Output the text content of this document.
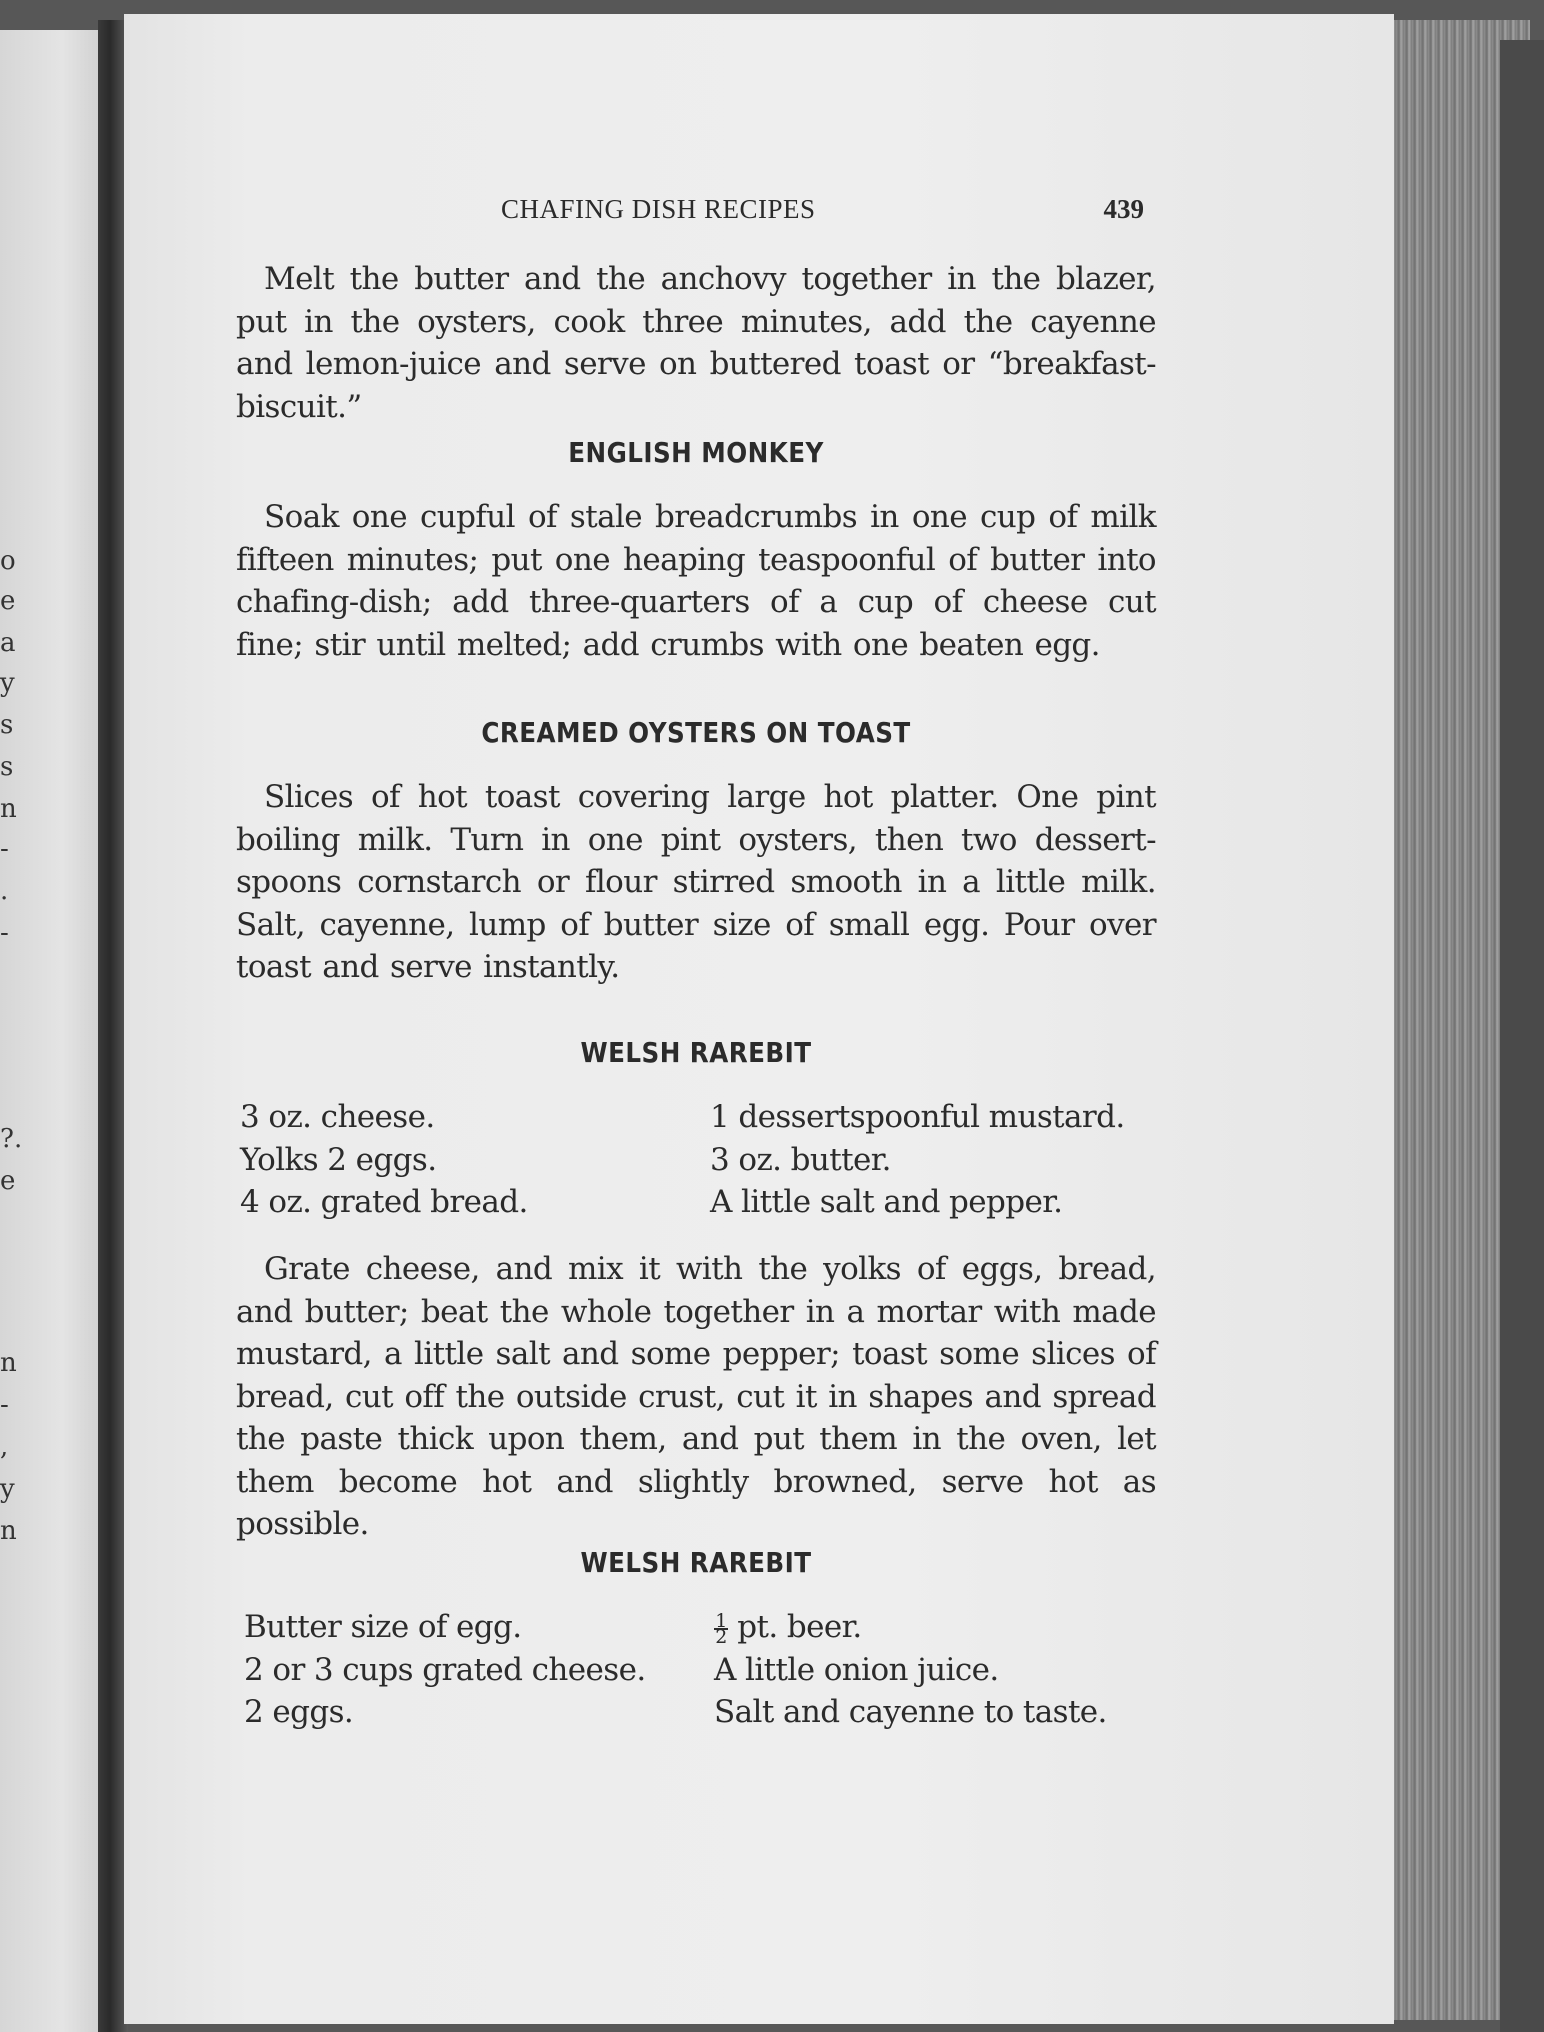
o
e
a
y
s
s
n
-
.
-
?.
e
n
-
,
y
n
CHAFING DISH RECIPES	439

Melt the butter and the anchovy together in the blazer, put in the oysters, cook three minutes, add the cayenne and lemon-juice and serve on buttered toast or “breakfast-biscuit.”

ENGLISH MONKEY

Soak one cupful of stale breadcrumbs in one cup of milk fifteen minutes; put one heaping teaspoonful of butter into chafing-dish; add three-quarters of a cup of cheese cut fine; stir until melted; add crumbs with one beaten egg.

CREAMED OYSTERS ON TOAST

Slices of hot toast covering large hot platter. One pint boiling milk. Turn in one pint oysters, then two dessert-spoons cornstarch or flour stirred smooth in a little milk. Salt, cayenne, lump of butter size of small egg. Pour over toast and serve instantly.

WELSH RAREBIT
3 oz. cheese.
Yolks 2 eggs.
4 oz. grated bread.
1 dessertspoonful mustard.
3 oz. butter.
A little salt and pepper.

Grate cheese, and mix it with the yolks of eggs, bread, and butter; beat the whole together in a mortar with made mustard, a little salt and some pepper; toast some slices of bread, cut off the outside crust, cut it in shapes and spread the paste thick upon them, and put them in the oven, let them become hot and slightly browned, serve hot as possible.

WELSH RAREBIT
Butter size of egg.
2 or 3 cups grated cheese.
2 eggs.
$\frac{1}{2}$ pt. beer.
A little onion juice.
Salt and cayenne to taste.
